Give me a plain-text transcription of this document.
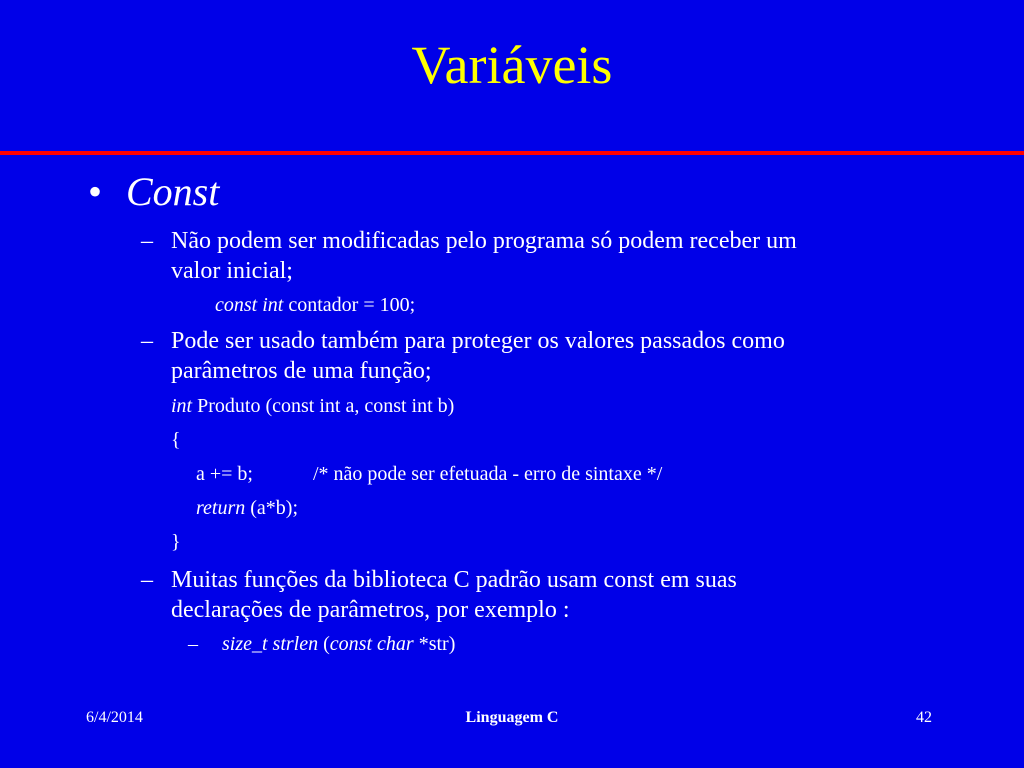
Variáveis
• Const
– Não podem ser modificadas pelo programa só podem receber um
valor inicial;
const int contador = 100;
– Pode ser usado também para proteger os valores passados como
parâmetros de uma função;
int Produto (const int a, const int b)
{
a += b;	/* não pode ser efetuada - erro de sintaxe */
return (a*b);
}
– Muitas funções da biblioteca C padrão usam const em suas
declarações de parâmetros, por exemplo :
– size_t strlen (const char *str)
6/4/2014	Linguagem C	42
